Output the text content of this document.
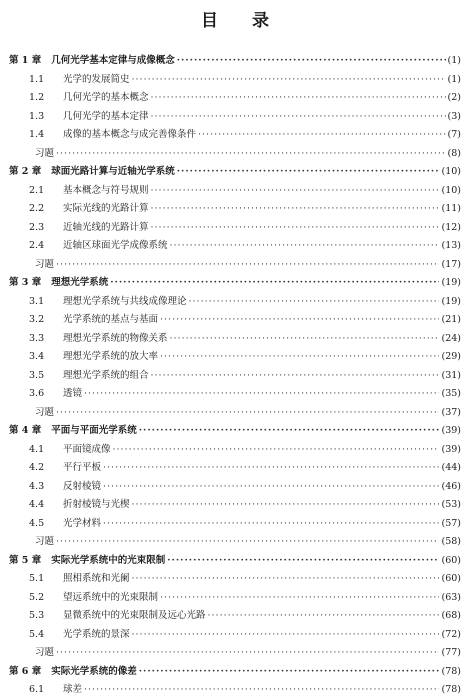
目 录
第 1 章 几何光学基本定律与成像概念 ·····	(1)
1.1	光学的发展简史 ·····	(1)
1.2	几何光学的基本概念 ·····	(2)
1.3	几何光学的基本定律 ·····	(3)
1.4	成像的基本概念与成完善像条件 ·····	(7)
习题 ·····	(8)
第 2 章 球面光路计算与近轴光学系统 ·····	(10)
2.1	基本概念与符号规则 ·····	(10)
2.2	实际光线的光路计算 ·····	(11)
2.3	近轴光线的光路计算 ·····	(12)
2.4	近轴区球面光学成像系统 ·····	(13)
习题 ·····	(17)
第 3 章 理想光学系统 ·····	(19)
3.1	理想光学系统与共线成像理论 ·····	(19)
3.2	光学系统的基点与基面 ·····	(21)
3.3	理想光学系统的物像关系 ·····	(24)
3.4	理想光学系统的放大率 ·····	(29)
3.5	理想光学系统的组合 ·····	(31)
3.6	透镜 ·····	(35)
习题 ·····	(37)
第 4 章 平面与平面光学系统 ·····	(39)
4.1	平面镜成像 ·····	(39)
4.2	平行平板 ·····	(44)
4.3	反射棱镜 ·····	(46)
4.4	折射棱镜与光楔 ·····	(53)
4.5	光学材料 ·····	(57)
习题 ·····	(58)
第 5 章 实际光学系统中的光束限制 ·····	(60)
5.1	照相系统和光阑 ·····	(60)
5.2	望远系统中的光束限制 ·····	(63)
5.3	显微系统中的光束限制及远心光路 ·····	(68)
5.4	光学系统的景深 ·····	(72)
习题 ·····	(77)
第 6 章 实际光学系统的像差 ·····	(78)
6.1	球差 ·····	(78)
